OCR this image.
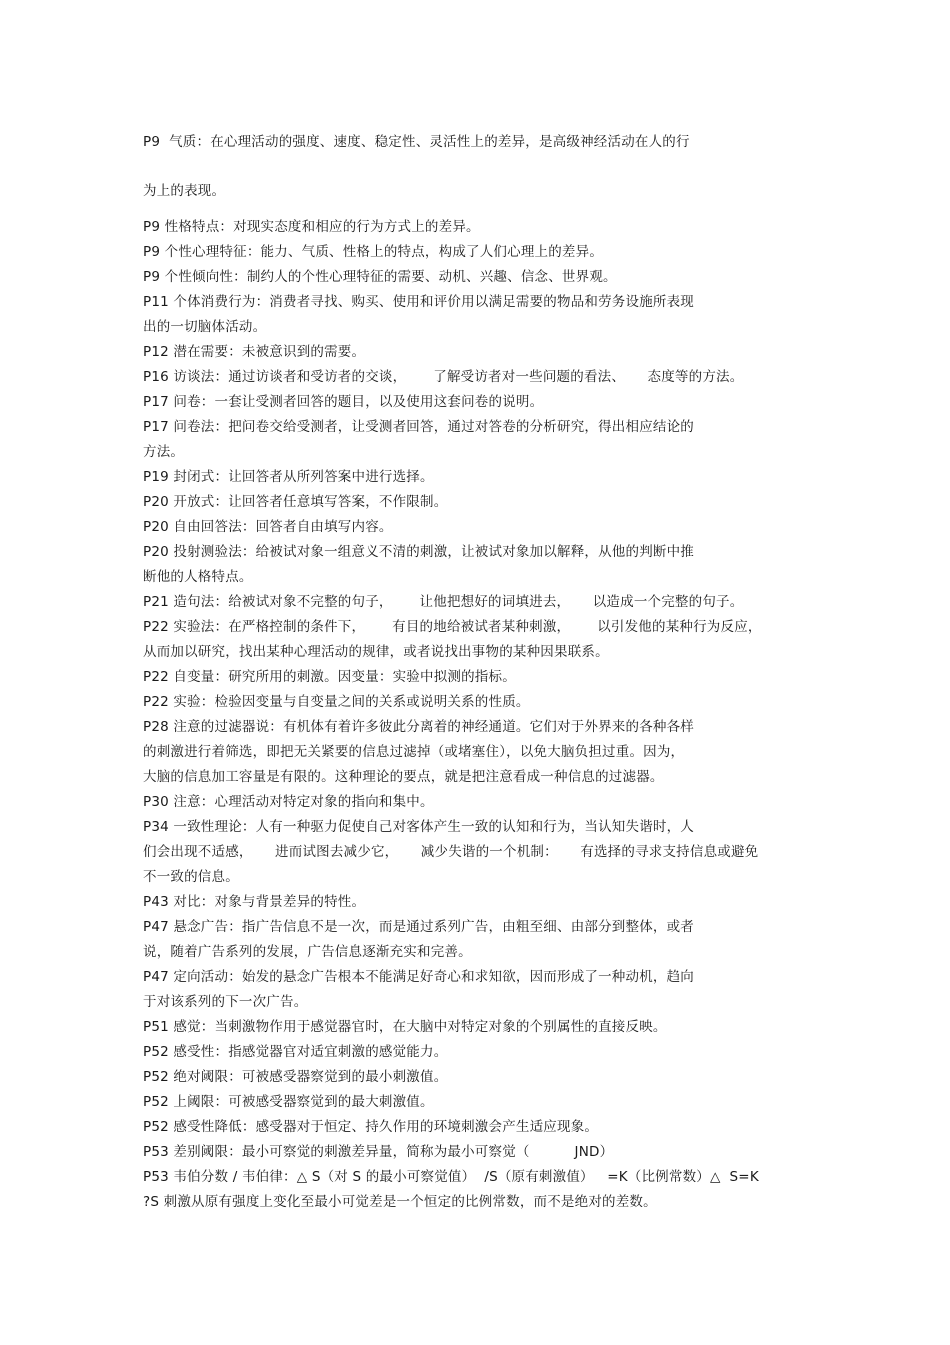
P9  气质：在心理活动的强度、速度、稳定性、灵活性上的差异，是高级神经活动在人的行
为上的表现。
P9 性格特点：对现实态度和相应的行为方式上的差异。
P9 个性心理特征：能力、气质、性格上的特点，构成了人们心理上的差异。
P9 个性倾向性：制约人的个性心理特征的需要、动机、兴趣、信念、世界观。
P11 个体消费行为：消费者寻找、购买、使用和评价用以满足需要的物品和劳务设施所表现
出的一切脑体活动。
P12 潜在需要：未被意识到的需要。
P16 访谈法：通过访谈者和受访者的交谈，      了解受访者对一些问题的看法、     态度等的方法。
P17 问卷：一套让受测者回答的题目，以及使用这套问卷的说明。
P17 问卷法：把问卷交给受测者，让受测者回答，通过对答卷的分析研究，得出相应结论的
方法。
P19 封闭式：让回答者从所列答案中进行选择。
P20 开放式：让回答者任意填写答案，不作限制。
P20 自由回答法：回答者自由填写内容。
P20 投射测验法：给被试对象一组意义不清的刺激，让被试对象加以解释，从他的判断中推
断他的人格特点。
P21 造句法：给被试对象不完整的句子，      让他把想好的词填进去，     以造成一个完整的句子。
P22 实验法：在严格控制的条件下，      有目的地给被试者某种刺激，      以引发他的某种行为反应，
从而加以研究，找出某种心理活动的规律，或者说找出事物的某种因果联系。
P22 自变量：研究所用的刺激。因变量：实验中拟测的指标。
P22 实验：检验因变量与自变量之间的关系或说明关系的性质。
P28 注意的过滤器说：有机体有着许多彼此分离着的神经通道。它们对于外界来的各种各样
的刺激进行着筛选，即把无关紧要的信息过滤掉（或堵塞住），以免大脑负担过重。因为，
大脑的信息加工容量是有限的。这种理论的要点，就是把注意看成一种信息的过滤器。
P30 注意：心理活动对特定对象的指向和集中。
P34 一致性理论：人有一种驱力促使自己对客体产生一致的认知和行为，当认知失谐时，人
们会出现不适感，     进而试图去减少它，     减少失谐的一个机制：     有选择的寻求支持信息或避免
不一致的信息。
P43 对比：对象与背景差异的特性。
P47 悬念广告：指广告信息不是一次，而是通过系列广告，由粗至细、由部分到整体，或者
说，随着广告系列的发展，广告信息逐渐充实和完善。
P47 定向活动：始发的悬念广告根本不能满足好奇心和求知欲，因而形成了一种动机，趋向
于对该系列的下一次广告。
P51 感觉：当刺激物作用于感觉器官时，在大脑中对特定对象的个别属性的直接反映。
P52 感受性：指感觉器官对适宜刺激的感觉能力。
P52 绝对阈限：可被感受器察觉到的最小刺激值。
P52 上阈限：可被感受器察觉到的最大刺激值。
P52 感受性降低：感受器对于恒定、持久作用的环境刺激会产生适应现象。
P53 差别阈限：最小可察觉的刺激差异量，简称为最小可察觉（          JND）
P53 韦伯分数 / 韦伯律：△ S（对 S 的最小可察觉值）  /S（原有刺激值）   =K（比例常数）△  S=K
?S 刺激从原有强度上变化至最小可觉差是一个恒定的比例常数，而不是绝对的差数。
